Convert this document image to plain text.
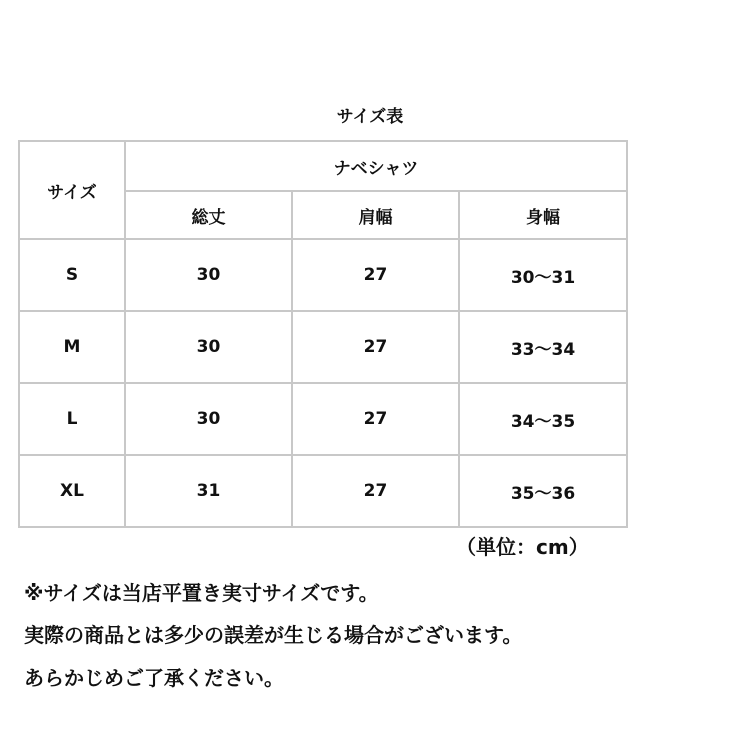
サイズ表
サイズ	ナベシャツ		
	総丈	肩幅	身幅
S	30	27	30～31
M	30	27	33～34
L	30	27	34～35
XL	31	27	35～36
（単位：cm）
※サイズは当店平置き実寸サイズです。
実際の商品とは多少の誤差が生じる場合がございます。
あらかじめご了承ください。
